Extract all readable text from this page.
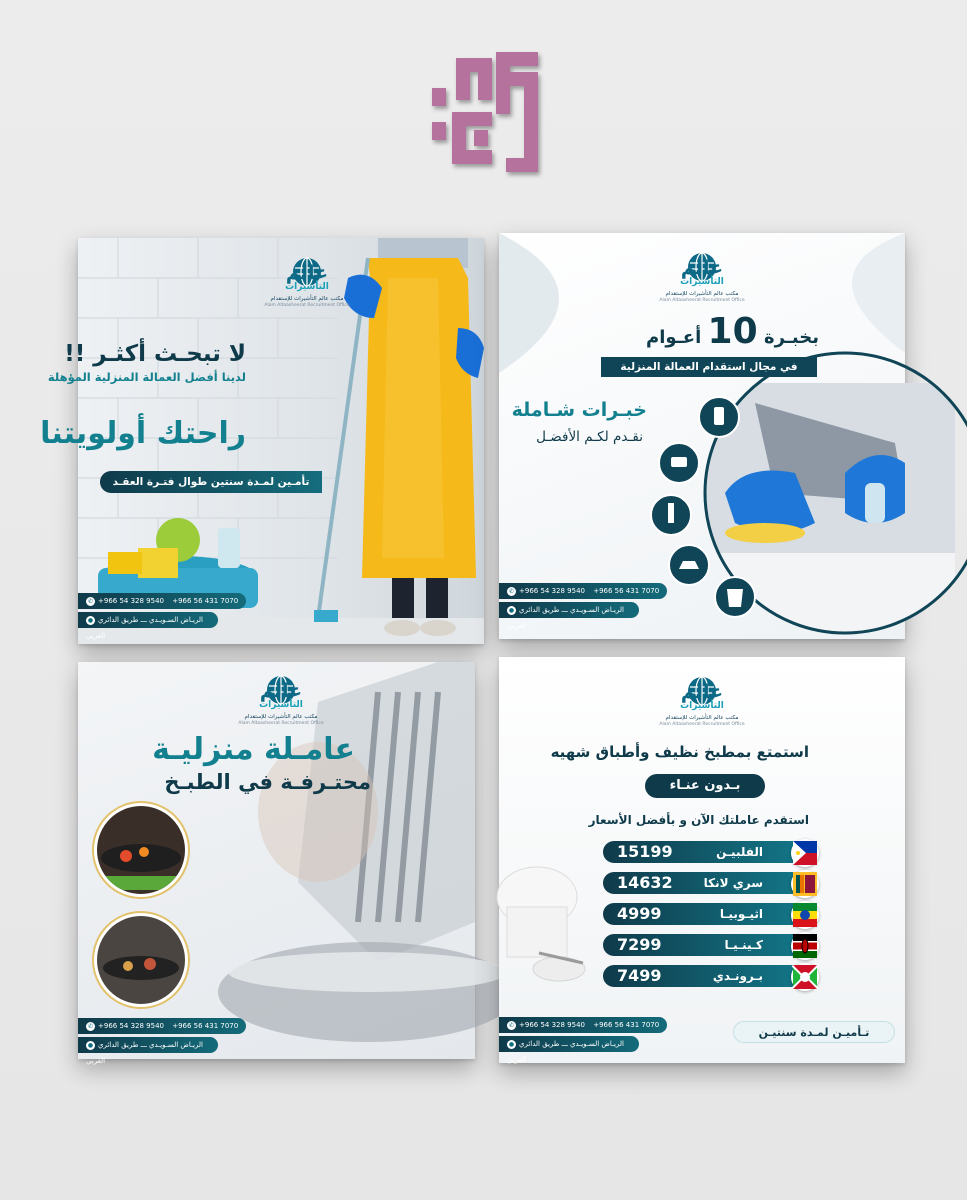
عالم
التأشيرات
مكتب عالم التأشيرات للإستقدام
Alam Altaasheerat Recruitment Office
لا تبحـث أكثـر !!
لدينا أفضل العمالة المنزلية المؤهلة
راحتك أولويتنا
تأمـين لمـدة سنتين طوال فتـرة العقـد
✆ +966 54 328 9540 +966 56 431 7070
● الريـاض السـويـدي ـــ طريق الدائري الغربي
عالم
التأشيرات
مكتب عالم التأشيرات للإستقدام
Alam Altaasheerat Recruitment Office
بخبـرة 10 أعـوام
في مجال استقدام العمالة المنزلية
خبـرات شـاملة
نقـدم لكـم الأفضـل
✆ +966 54 328 9540 +966 56 431 7070
● الريـاض السـويـدي ـــ طريق الدائري الغربي
عالم
التأشيرات
مكتب عالم التأشيرات للإستقدام
Alam Altaasheerat Recruitment Office
عامـلة منزليـة
محتـرفـة في الطبـخ
✆ +966 54 328 9540 +966 56 431 7070
● الريـاض السـويـدي ـــ طريق الدائري الغربي
عالم
التأشيرات
مكتب عالم التأشيرات للإستقدام
Alam Altaasheerat Recruitment Office
استمتع بمطبخ نظيف وأطباق شهيه
بـدون عنـاء
استقدم عاملتك الآن و بأفضل الأسعار
15199	الفلبيـن
14632	سري لانكا
4999	اثيـوبيـا
7299	كـينـيـا
7499	بـرونـدي
تـأميـن لمـدة سنتيـن
✆ +966 54 328 9540 +966 56 431 7070
● الريـاض السـويـدي ـــ طريق الدائري الغربي
